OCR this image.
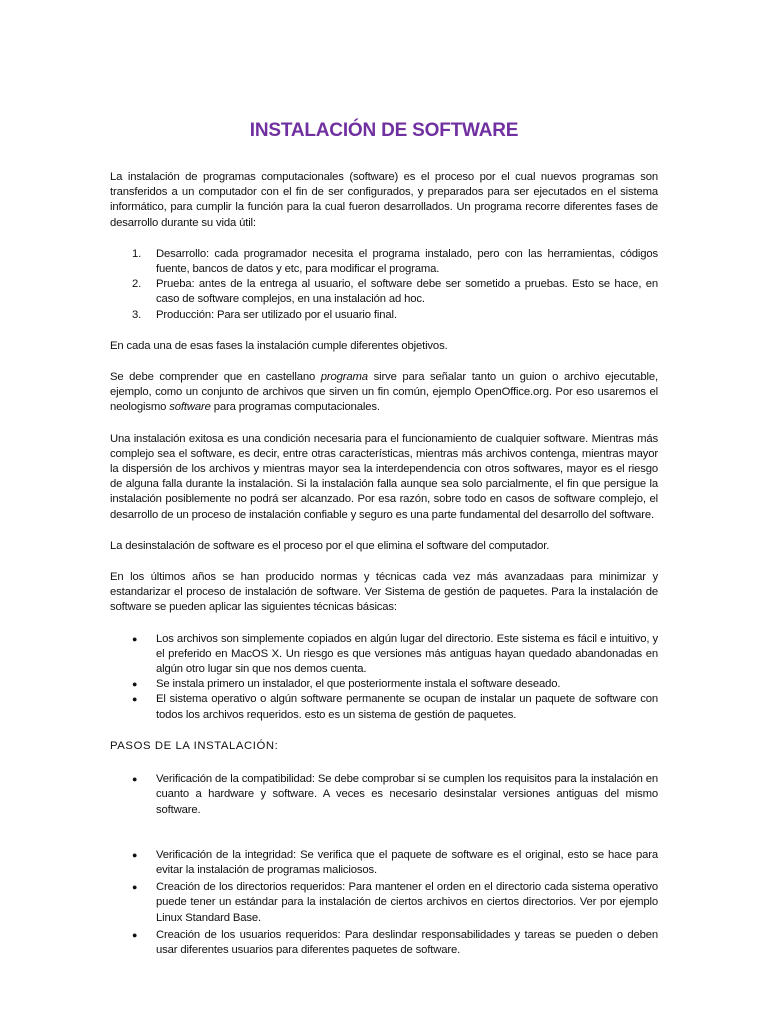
INSTALACIÓN DE SOFTWARE

La instalación de programas computacionales (software) es el proceso por el cual nuevos programas son transferidos a un computador con el fin de ser configurados, y preparados para ser ejecutados en el sistema informático, para cumplir la función para la cual fueron desarrollados. Un programa recorre diferentes fases de desarrollo durante su vida útil:

1. Desarrollo: cada programador necesita el programa instalado, pero con las herramientas, códigos fuente, bancos de datos y etc, para modificar el programa.
2. Prueba: antes de la entrega al usuario, el software debe ser sometido a pruebas. Esto se hace, en caso de software complejos, en una instalación ad hoc.
3. Producción: Para ser utilizado por el usuario final.

En cada una de esas fases la instalación cumple diferentes objetivos.

Se debe comprender que en castellano programa sirve para señalar tanto un guion o archivo ejecutable, ejemplo, como un conjunto de archivos que sirven un fin común, ejemplo OpenOffice.org. Por eso usaremos el neologismo software para programas computacionales.

Una instalación exitosa es una condición necesaria para el funcionamiento de cualquier software. Mientras más complejo sea el software, es decir, entre otras características, mientras más archivos contenga, mientras mayor la dispersión de los archivos y mientras mayor sea la interdependencia con otros softwares, mayor es el riesgo de alguna falla durante la instalación. Si la instalación falla aunque sea solo parcialmente, el fin que persigue la instalación posiblemente no podrá ser alcanzado. Por esa razón, sobre todo en casos de software complejo, el desarrollo de un proceso de instalación confiable y seguro es una parte fundamental del desarrollo del software.

La desinstalación de software es el proceso por el que elimina el software del computador.

En los últimos años se han producido normas y técnicas cada vez más avanzadaas para minimizar y estandarizar el proceso de instalación de software. Ver Sistema de gestión de paquetes. Para la instalación de software se pueden aplicar las siguientes técnicas básicas:

● Los archivos son simplemente copiados en algún lugar del directorio. Este sistema es fácil e intuitivo, y el preferido en MacOS X. Un riesgo es que versiones más antiguas hayan quedado abandonadas en algún otro lugar sin que nos demos cuenta.
● Se instala primero un instalador, el que posteriormente instala el software deseado.
● El sistema operativo o algún software permanente se ocupan de instalar un paquete de software con todos los archivos requeridos. esto es un sistema de gestión de paquetes.

PASOS DE LA INSTALACIÓN:

● Verificación de la compatibilidad: Se debe comprobar si se cumplen los requisitos para la instalación en cuanto a hardware y software. A veces es necesario desinstalar versiones antiguas del mismo software.
● Verificación de la integridad: Se verifica que el paquete de software es el original, esto se hace para evitar la instalación de programas maliciosos.
● Creación de los directorios requeridos: Para mantener el orden en el directorio cada sistema operativo puede tener un estándar para la instalación de ciertos archivos en ciertos directorios. Ver por ejemplo Linux Standard Base.
● Creación de los usuarios requeridos: Para deslindar responsabilidades y tareas se pueden o deben usar diferentes usuarios para diferentes paquetes de software.
